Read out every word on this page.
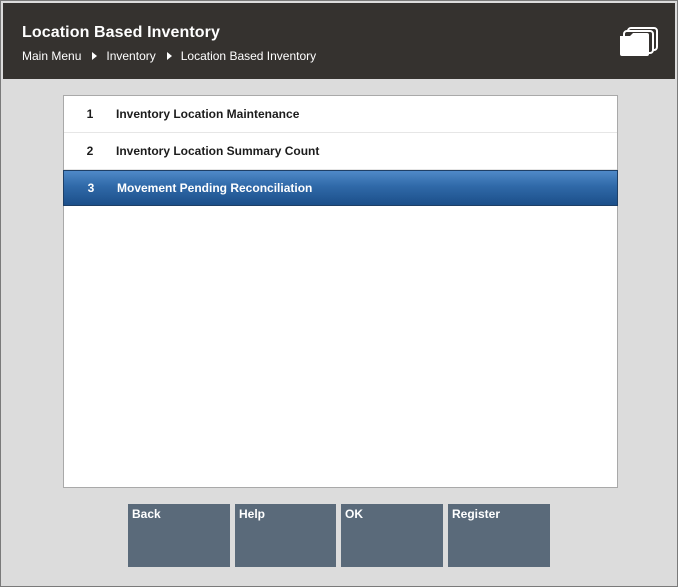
Location Based Inventory
Main Menu Inventory Location Based Inventory
1	Inventory Location Maintenance
2	Inventory Location Summary Count
3	Movement Pending Reconciliation
Back	Help	OK	Register
